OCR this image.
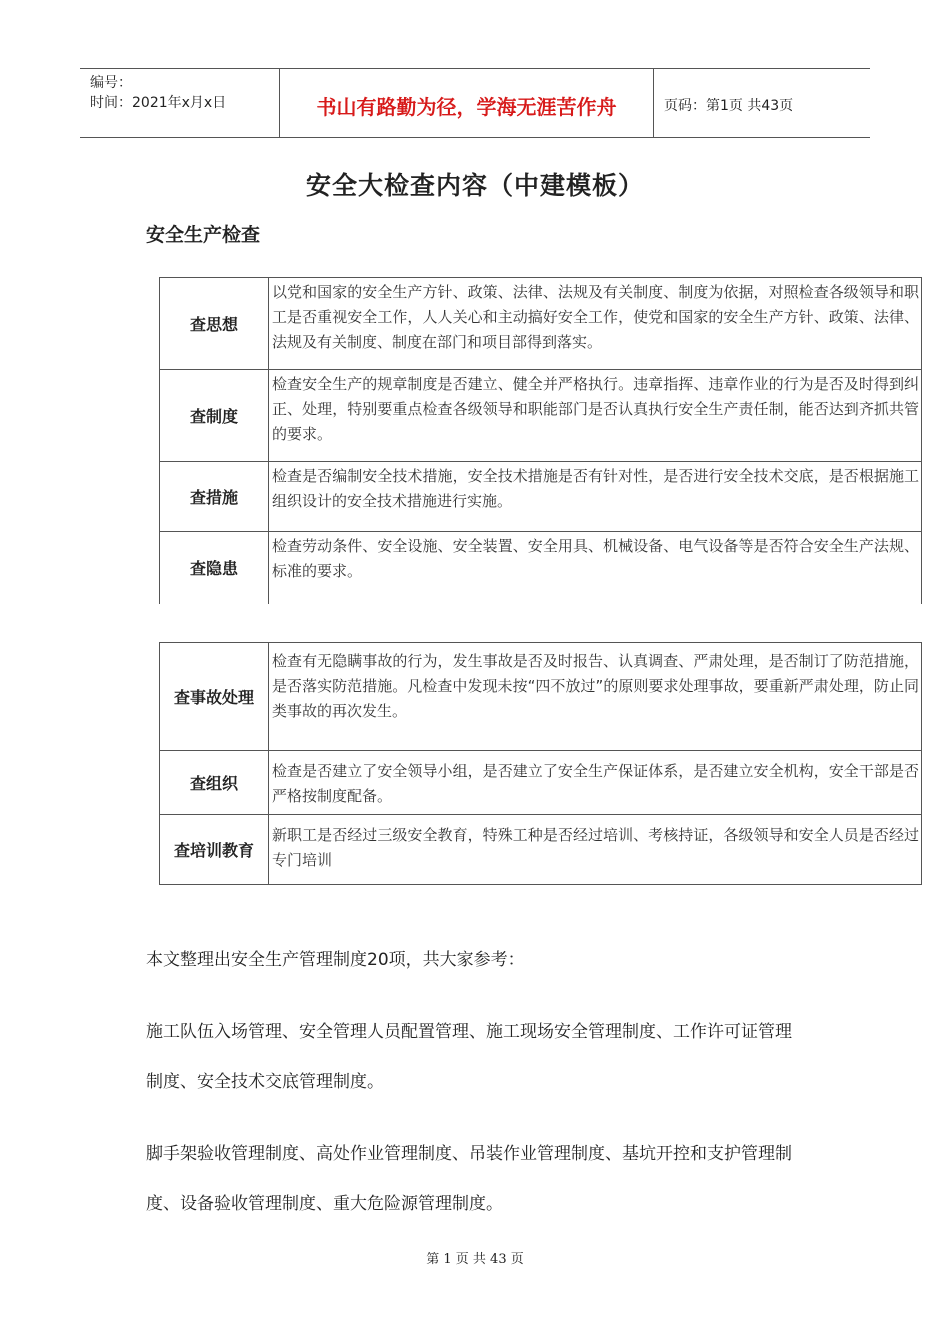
编号：
时间：2021年x月x日	书山有路勤为径，学海无涯苦作舟	页码：第1页 共43页
安全大检查内容（中建模板）
安全生产检查
查思想	以党和国家的安全生产方针、政策、法律、法规及有关制度、制度为依据，对照检查各级领导和职工是否重视安全工作，人人关心和主动搞好安全工作，使党和国家的安全生产方针、政策、法律、法规及有关制度、制度在部门和项目部得到落实。
查制度	检查安全生产的规章制度是否建立、健全并严格执行。违章指挥、违章作业的行为是否及时得到纠正、处理，特别要重点检查各级领导和职能部门是否认真执行安全生产责任制，能否达到齐抓共管的要求。
查措施	检查是否编制安全技术措施，安全技术措施是否有针对性，是否进行安全技术交底，是否根据施工组织设计的安全技术措施进行实施。
查隐患	检查劳动条件、安全设施、安全装置、安全用具、机械设备、电气设备等是否符合安全生产法规、标准的要求。
查事故处理	检查有无隐瞒事故的行为，发生事故是否及时报告、认真调查、严肃处理，是否制订了防范措施，是否落实防范措施。凡检查中发现未按“四不放过”的原则要求处理事故，要重新严肃处理，防止同类事故的再次发生。
查组织	检查是否建立了安全领导小组，是否建立了安全生产保证体系，是否建立安全机构，安全干部是否严格按制度配备。
查培训教育	新职工是否经过三级安全教育，特殊工种是否经过培训、考核持证，各级领导和安全人员是否经过专门培训
本文整理出安全生产管理制度20项，共大家参考：
施工队伍入场管理、安全管理人员配置管理、施工现场安全管理制度、工作许可证管理制度、安全技术交底管理制度。
脚手架验收管理制度、高处作业管理制度、吊装作业管理制度、基坑开控和支护管理制度、设备验收管理制度、重大危险源管理制度。
第 1 页 共 43 页
